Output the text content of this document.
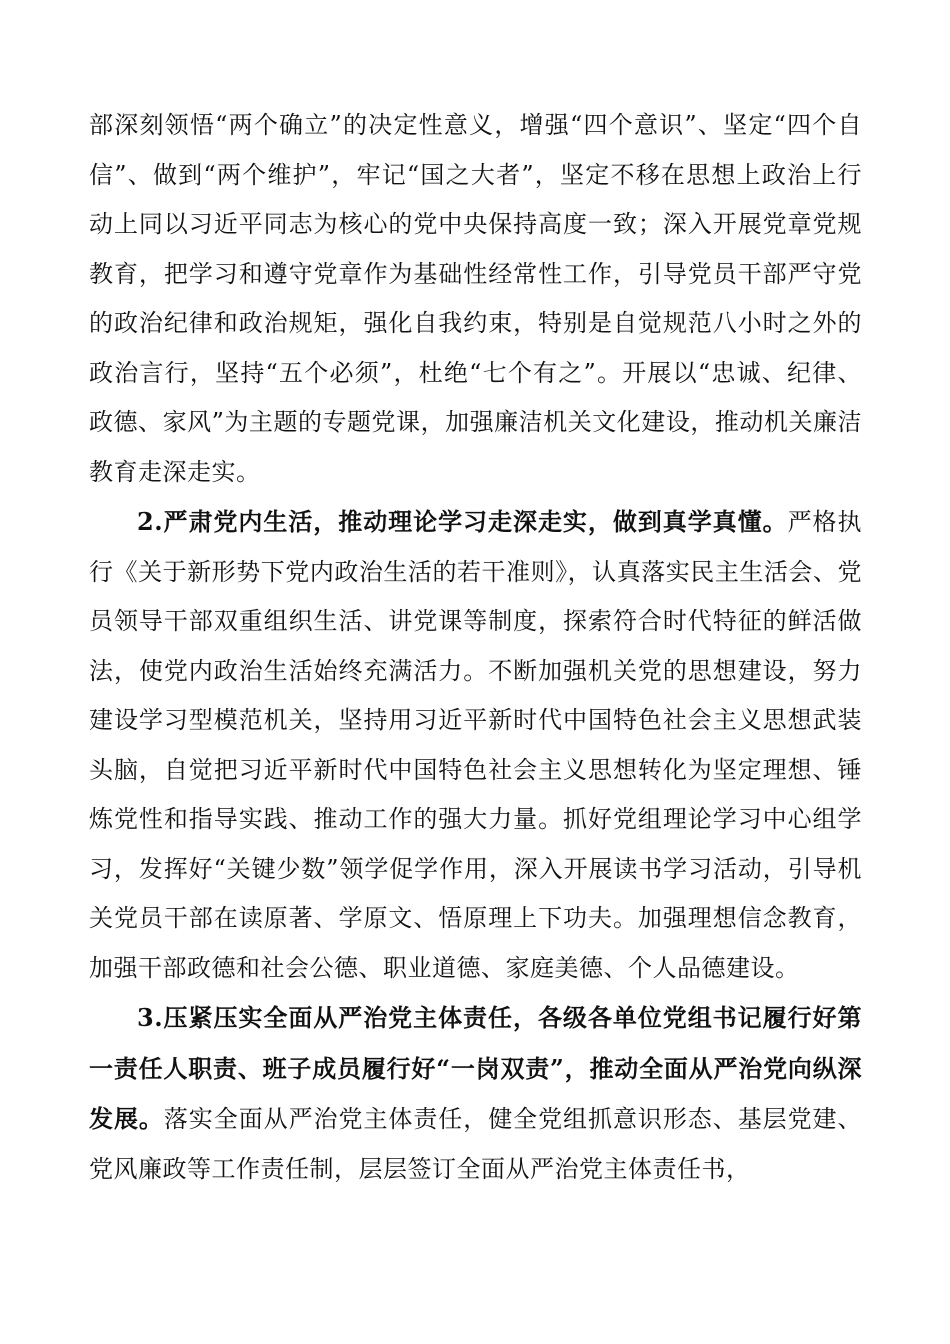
部深刻领悟“两个确立”的决定性意义，增强“四个意识”、坚定“四个自信”、做到“两个维护”，牢记“国之大者”，坚定不移在思想上政治上行动上同以习近平同志为核心的党中央保持高度一致；深入开展党章党规教育，把学习和遵守党章作为基础性经常性工作，引导党员干部严守党的政治纪律和政治规矩，强化自我约束，特别是自觉规范八小时之外的政治言行，坚持“五个必须”，杜绝“七个有之”。开展以“忠诚、纪律、政德、家风”为主题的专题党课，加强廉洁机关文化建设，推动机关廉洁教育走深走实。

2.严肃党内生活，推动理论学习走深走实，做到真学真懂。严格执行《关于新形势下党内政治生活的若干准则》，认真落实民主生活会、党员领导干部双重组织生活、讲党课等制度，探索符合时代特征的鲜活做法，使党内政治生活始终充满活力。不断加强机关党的思想建设，努力建设学习型模范机关，坚持用习近平新时代中国特色社会主义思想武装头脑，自觉把习近平新时代中国特色社会主义思想转化为坚定理想、锤炼党性和指导实践、推动工作的强大力量。抓好党组理论学习中心组学习，发挥好“关键少数”领学促学作用，深入开展读书学习活动，引导机关党员干部在读原著、学原文、悟原理上下功夫。加强理想信念教育，加强干部政德和社会公德、职业道德、家庭美德、个人品德建设。

3.压紧压实全面从严治党主体责任，各级各单位党组书记履行好第一责任人职责、班子成员履行好“一岗双责”，推动全面从严治党向纵深发展。落实全面从严治党主体责任，健全党组抓意识形态、基层党建、党风廉政等工作责任制，层层签订全面从严治党主体责任书，
